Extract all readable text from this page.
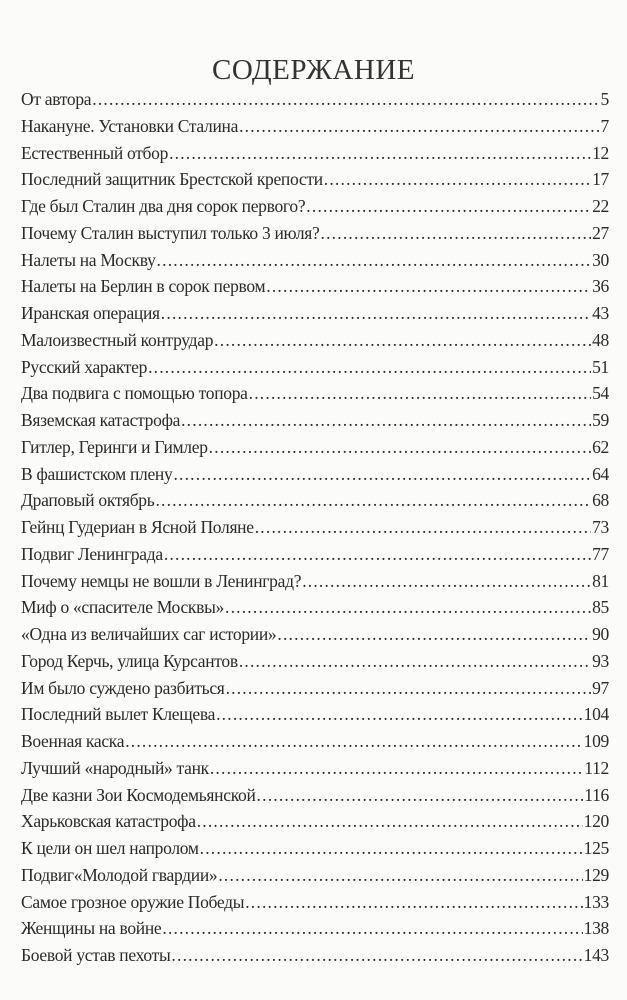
СОДЕРЖАНИЕ
От автора .....	5
Накануне. Установки Сталина .....	7
Естественный отбор .....	12
Последний защитник Брестской крепости .....	17
Где был Сталин два дня сорок первого? .....	22
Почему Сталин выступил только 3 июля? .....	27
Налеты на Москву .....	30
Налеты на Берлин в сорок первом .....	36
Иранская операция .....	43
Малоизвестный контрудар .....	48
Русский характер .....	51
Два подвига с помощью топора .....	54
Вяземская катастрофа .....	59
Гитлер, Геринги и Гимлер .....	62
В фашистском плену .....	64
Драповый октябрь .....	68
Гейнц Гудериан в Ясной Поляне .....	73
Подвиг Ленинграда .....	77
Почему немцы не вошли в Ленинград? .....	81
Миф о «спасителе Москвы» .....	85
«Одна из величайших саг истории» .....	90
Город Керчь, улица Курсантов .....	93
Им было суждено разбиться .....	97
Последний вылет Клещева .....	104
Военная каска .....	109
Лучший «народный» танк .....	112
Две казни Зои Космодемьянской .....	116
Харьковская катастрофа .....	120
К цели он шел напролом .....	125
Подвиг«Молодой гвардии» .....	129
Самое грозное оружие Победы .....	133
Женщины на войне .....	138
Боевой устав пехоты .....	143
